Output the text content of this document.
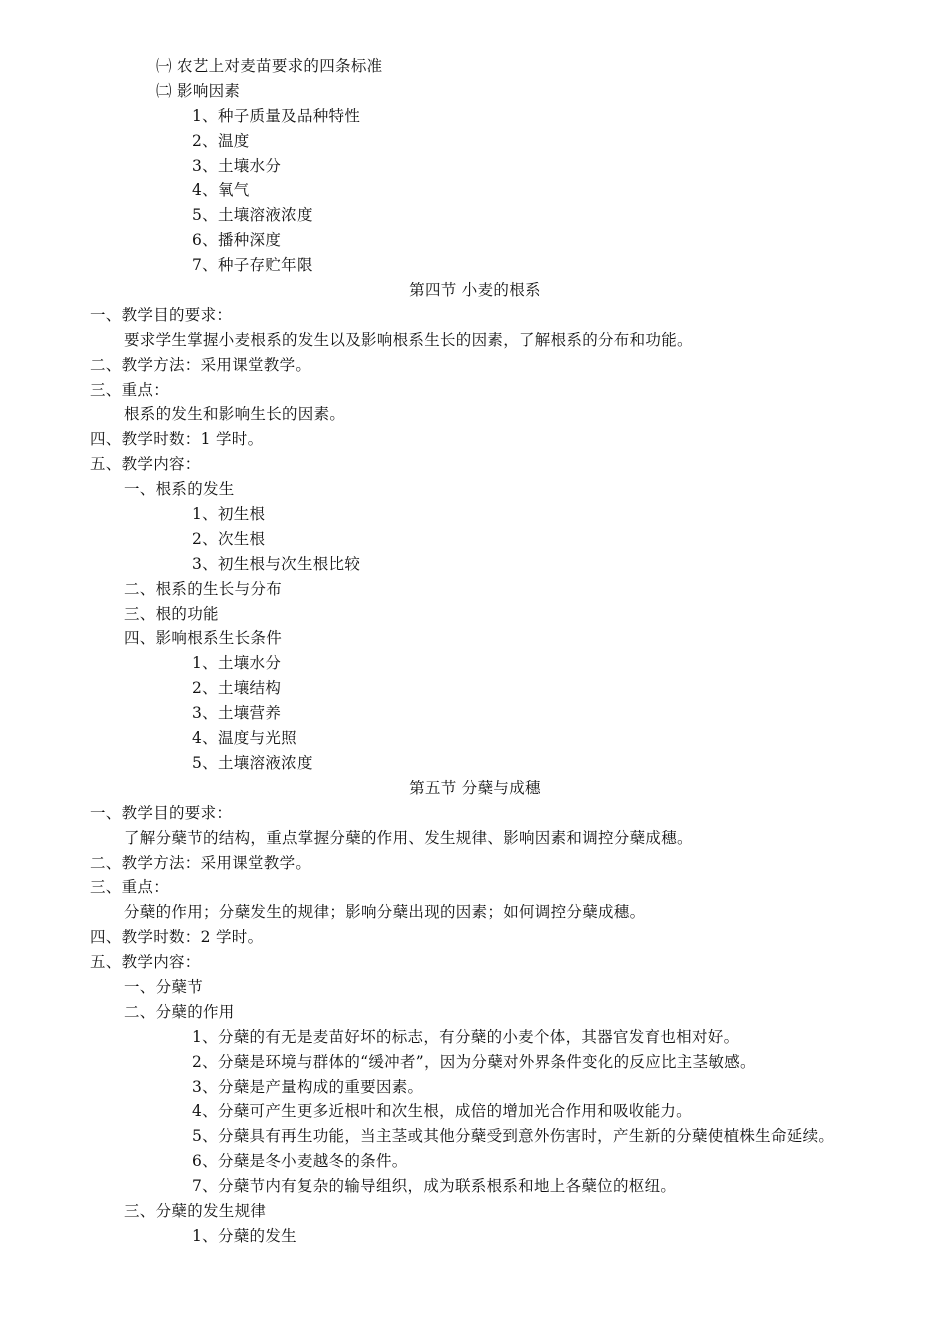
㈠ 农艺上对麦苗要求的四条标准
㈡ 影响因素
1、种子质量及品种特性
2、温度
3、土壤水分
4、氧气
5、土壤溶液浓度
6、播种深度
7、种子存贮年限
第四节 小麦的根系
一、教学目的要求：
要求学生掌握小麦根系的发生以及影响根系生长的因素，了解根系的分布和功能。
二、教学方法：采用课堂教学。
三、重点：
根系的发生和影响生长的因素。
四、教学时数：1 学时。
五、教学内容：
一、根系的发生
1、初生根
2、次生根
3、初生根与次生根比较
二、根系的生长与分布
三、根的功能
四、影响根系生长条件
1、土壤水分
2、土壤结构
3、土壤营养
4、温度与光照
5、土壤溶液浓度
第五节 分蘖与成穗
一、教学目的要求：
了解分蘖节的结构，重点掌握分蘖的作用、发生规律、影响因素和调控分蘖成穗。
二、教学方法：采用课堂教学。
三、重点：
分蘖的作用；分蘖发生的规律；影响分蘖出现的因素；如何调控分蘖成穗。
四、教学时数：2 学时。
五、教学内容：
一、分蘖节
二、分蘖的作用
1、分蘖的有无是麦苗好坏的标志，有分蘖的小麦个体，其器官发育也相对好。
2、分蘖是环境与群体的“缓冲者”，因为分蘖对外界条件变化的反应比主茎敏感。
3、分蘖是产量构成的重要因素。
4、分蘖可产生更多近根叶和次生根，成倍的增加光合作用和吸收能力。
5、分蘖具有再生功能，当主茎或其他分蘖受到意外伤害时，产生新的分蘖使植株生命延续。
6、分蘖是冬小麦越冬的条件。
7、分蘖节内有复杂的输导组织，成为联系根系和地上各蘖位的枢纽。
三、分蘖的发生规律
1、分蘖的发生
